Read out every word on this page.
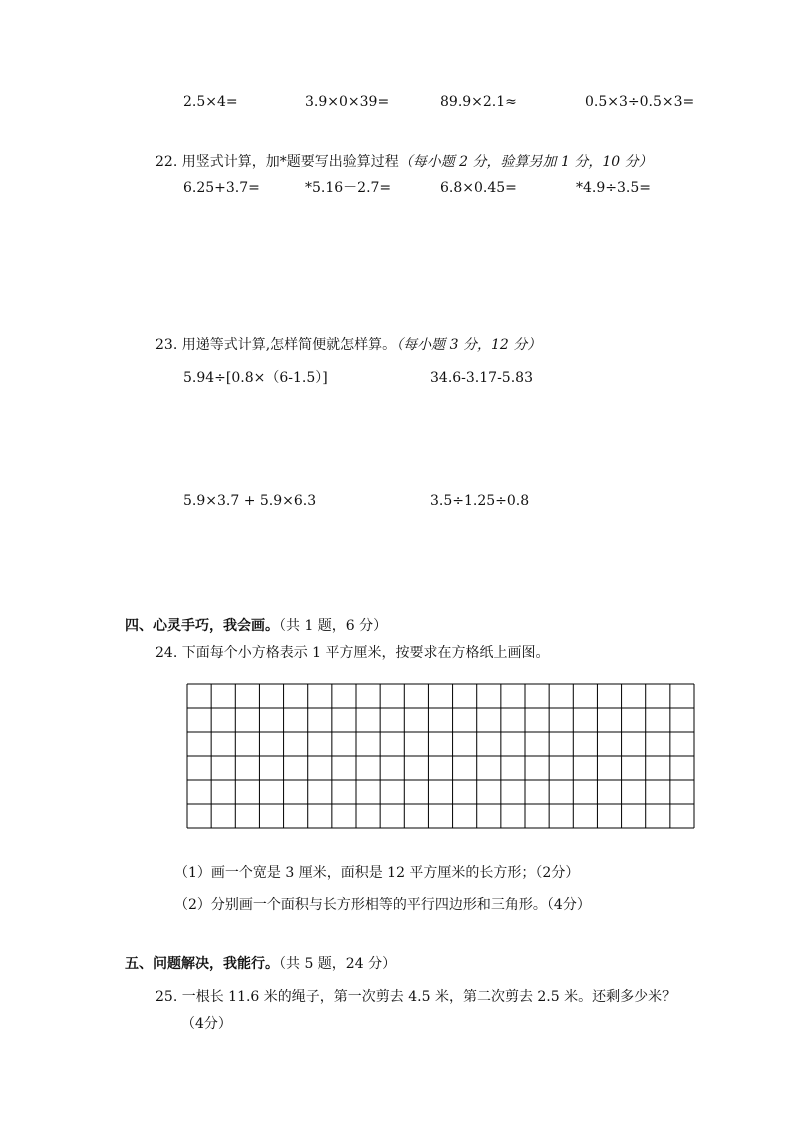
2.5×4=	3.9×0×39=	89.9×2.1≈	0.5×3÷0.5×3=
22. 用竖式计算，加*题要写出验算过程（每小题 2 分，验算另加 1 分，10 分）
6.25+3.7=	*5.16－2.7=	6.8×0.45=	*4.9÷3.5=
23. 用递等式计算,怎样简便就怎样算。（每小题 3 分，12 分）
5.94÷[0.8×（6-1.5）]	34.6-3.17-5.83
5.9×3.7 + 5.9×6.3	3.5÷1.25÷0.8
四、心灵手巧，我会画。（共 1 题，6 分）
24. 下面每个小方格表示 1 平方厘米，按要求在方格纸上画图。
（1）画一个宽是 3 厘米，面积是 12 平方厘米的长方形；（2分）
（2）分别画一个面积与长方形相等的平行四边形和三角形。（4分）
五、问题解决，我能行。（共 5 题，24 分）
25. 一根长 11.6 米的绳子，第一次剪去 4.5 米，第二次剪去 2.5 米。还剩多少米？
（4分）
